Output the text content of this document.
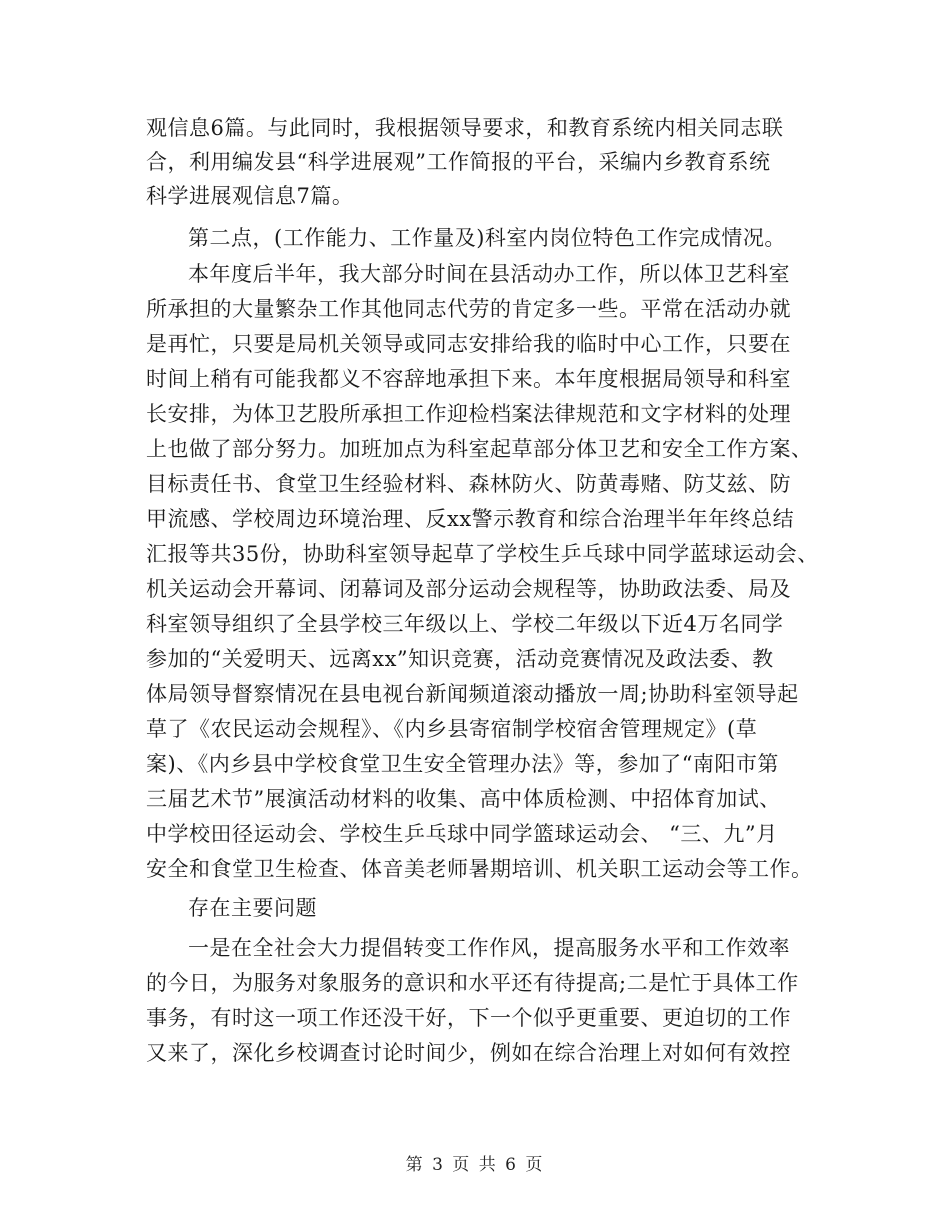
观信息6篇。与此同时，我根据领导要求，和教育系统内相关同志联
合，利用编发县“科学进展观”工作简报的平台，采编内乡教育系统
科学进展观信息7篇。
第二点，(工作能力、工作量及)科室内岗位特色工作完成情况。
本年度后半年，我大部分时间在县活动办工作，所以体卫艺科室
所承担的大量繁杂工作其他同志代劳的肯定多一些。平常在活动办就
是再忙，只要是局机关领导或同志安排给我的临时中心工作，只要在
时间上稍有可能我都义不容辞地承担下来。本年度根据局领导和科室
长安排，为体卫艺股所承担工作迎检档案法律规范和文字材料的处理
上也做了部分努力。加班加点为科室起草部分体卫艺和安全工作方案、
目标责任书、食堂卫生经验材料、森林防火、防黄毒赌、防艾兹、防
甲流感、学校周边环境治理、反xx警示教育和综合治理半年年终总结
汇报等共35份，协助科室领导起草了学校生乒乓球中同学蓝球运动会、
机关运动会开幕词、闭幕词及部分运动会规程等，协助政法委、局及
科室领导组织了全县学校三年级以上、学校二年级以下近4万名同学
参加的“关爱明天、远离xx”知识竞赛，活动竞赛情况及政法委、教
体局领导督察情况在县电视台新闻频道滚动播放一周;协助科室领导起
草了《农民运动会规程》、《内乡县寄宿制学校宿舍管理规定》(草
案)、《内乡县中学校食堂卫生安全管理办法》等，参加了“南阳市第
三届艺术节”展演活动材料的收集、高中体质检测、中招体育加试、
中学校田径运动会、学校生乒乓球中同学篮球运动会、 “三、九”月
安全和食堂卫生检查、体音美老师暑期培训、机关职工运动会等工作。
存在主要问题
一是在全社会大力提倡转变工作作风，提高服务水平和工作效率
的今日，为服务对象服务的意识和水平还有待提高;二是忙于具体工作
事务，有时这一项工作还没干好，下一个似乎更重要、更迫切的工作
又来了，深化乡校调查讨论时间少，例如在综合治理上对如何有效控
第 3 页 共 6 页
